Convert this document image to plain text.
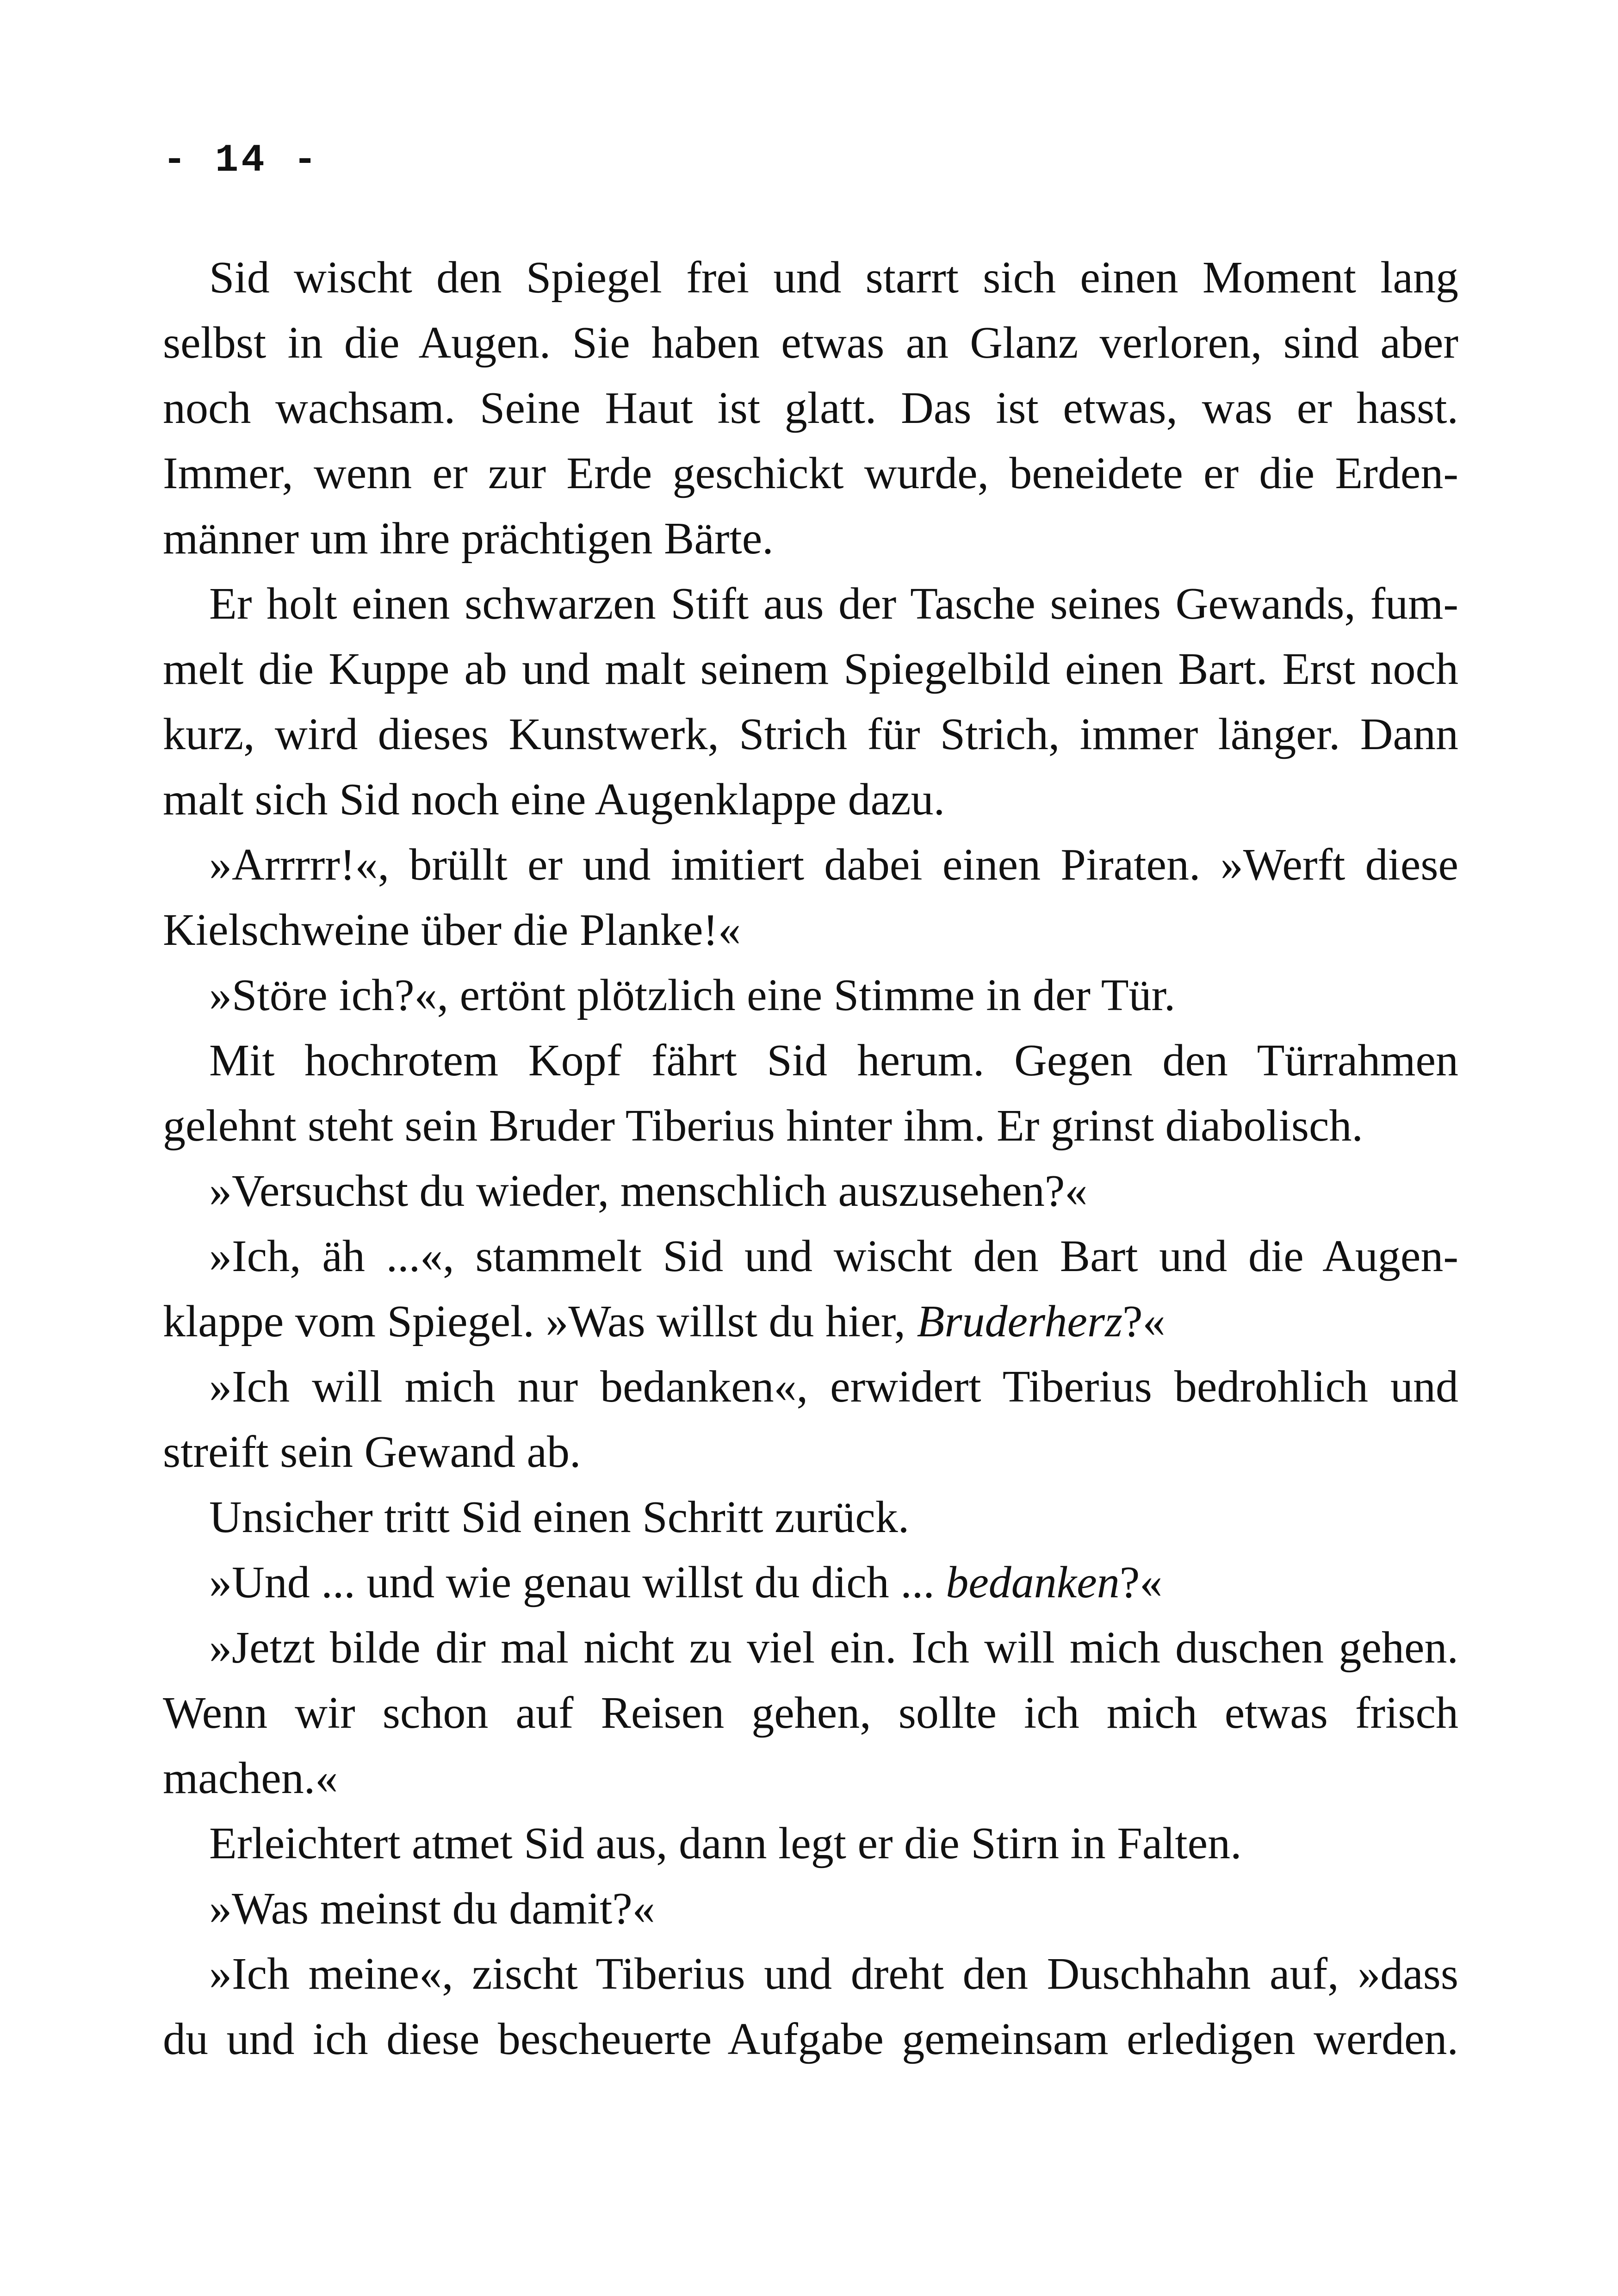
- 14 -

Sid wischt den Spiegel frei und starrt sich einen Moment lang
selbst in die Augen. Sie haben etwas an Glanz verloren, sind aber
noch wachsam. Seine Haut ist glatt. Das ist etwas, was er hasst.
Immer, wenn er zur Erde geschickt wurde, beneidete er die Erden-
männer um ihre prächtigen Bärte.

Er holt einen schwarzen Stift aus der Tasche seines Gewands, fum-
melt die Kuppe ab und malt seinem Spiegelbild einen Bart. Erst noch
kurz, wird dieses Kunstwerk, Strich für Strich, immer länger. Dann
malt sich Sid noch eine Augenklappe dazu.

»Arrrrr!«, brüllt er und imitiert dabei einen Piraten. »Werft diese
Kielschweine über die Planke!«

»Störe ich?«, ertönt plötzlich eine Stimme in der Tür.

Mit hochrotem Kopf fährt Sid herum. Gegen den Türrahmen
gelehnt steht sein Bruder Tiberius hinter ihm. Er grinst diabolisch.

»Versuchst du wieder, menschlich auszusehen?«

»Ich, äh ...«, stammelt Sid und wischt den Bart und die Augen-
klappe vom Spiegel. »Was willst du hier, Bruderherz?«

»Ich will mich nur bedanken«, erwidert Tiberius bedrohlich und
streift sein Gewand ab.

Unsicher tritt Sid einen Schritt zurück.

»Und ... und wie genau willst du dich ... bedanken?«

»Jetzt bilde dir mal nicht zu viel ein. Ich will mich duschen gehen.
Wenn wir schon auf Reisen gehen, sollte ich mich etwas frisch
machen.«

Erleichtert atmet Sid aus, dann legt er die Stirn in Falten.

»Was meinst du damit?«

»Ich meine«, zischt Tiberius und dreht den Duschhahn auf, »dass
du und ich diese bescheuerte Aufgabe gemeinsam erledigen werden.
